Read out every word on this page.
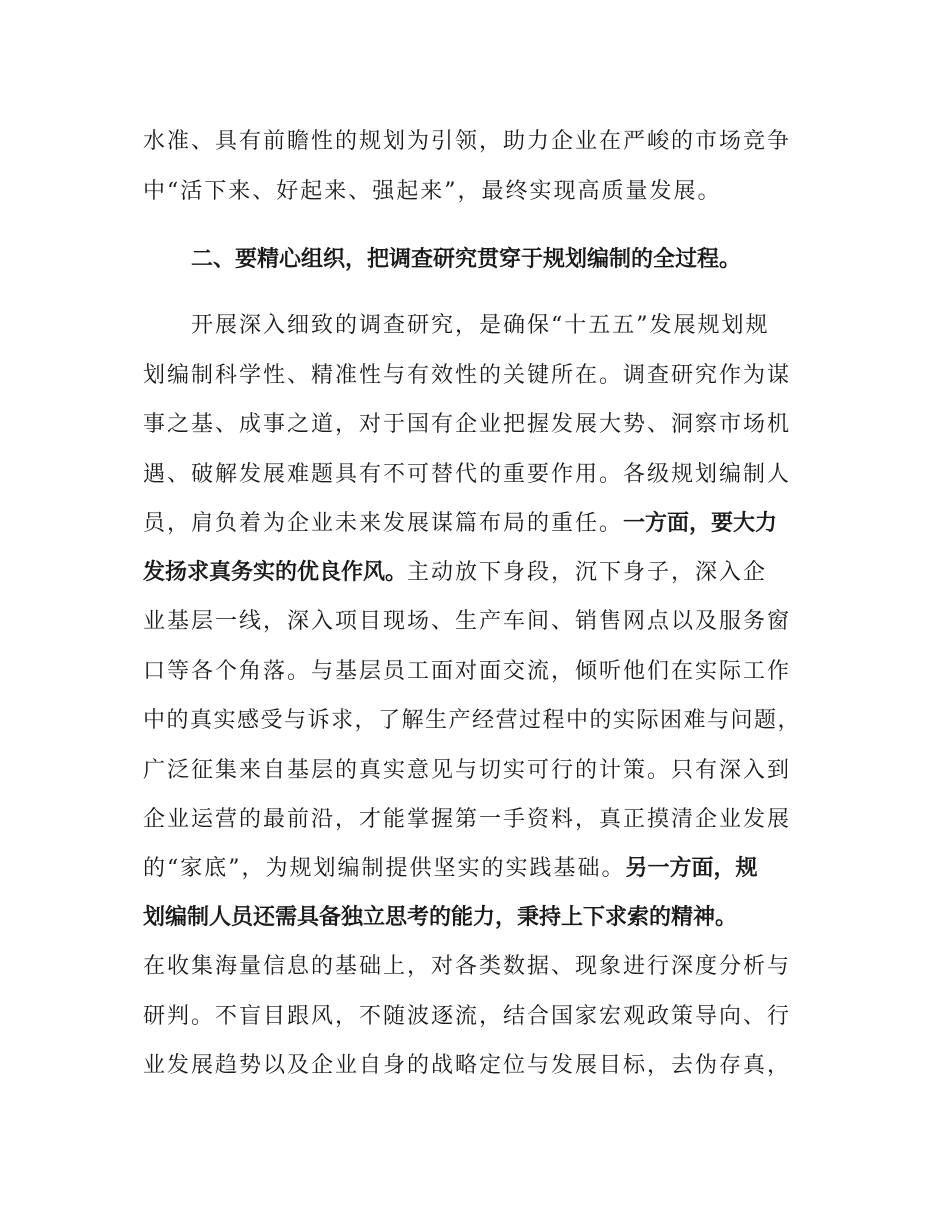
水准、具有前瞻性的规划为引领，助力企业在严峻的市场竞争
中“活下来、好起来、强起来”，最终实现高质量发展。
二、要精心组织，把调查研究贯穿于规划编制的全过程。
开展深入细致的调查研究，是确保“十五五”发展规划规
划编制科学性、精准性与有效性的关键所在。调查研究作为谋
事之基、成事之道，对于国有企业把握发展大势、洞察市场机
遇、破解发展难题具有不可替代的重要作用。各级规划编制人
员，肩负着为企业未来发展谋篇布局的重任。一方面，要大力
发扬求真务实的优良作风。主动放下身段，沉下身子，深入企
业基层一线，深入项目现场、生产车间、销售网点以及服务窗
口等各个角落。与基层员工面对面交流，倾听他们在实际工作
中的真实感受与诉求，了解生产经营过程中的实际困难与问题，
广泛征集来自基层的真实意见与切实可行的计策。只有深入到
企业运营的最前沿，才能掌握第一手资料，真正摸清企业发展
的“家底”，为规划编制提供坚实的实践基础。另一方面，规
划编制人员还需具备独立思考的能力，秉持上下求索的精神。
在收集海量信息的基础上，对各类数据、现象进行深度分析与
研判。不盲目跟风，不随波逐流，结合国家宏观政策导向、行
业发展趋势以及企业自身的战略定位与发展目标，去伪存真，
